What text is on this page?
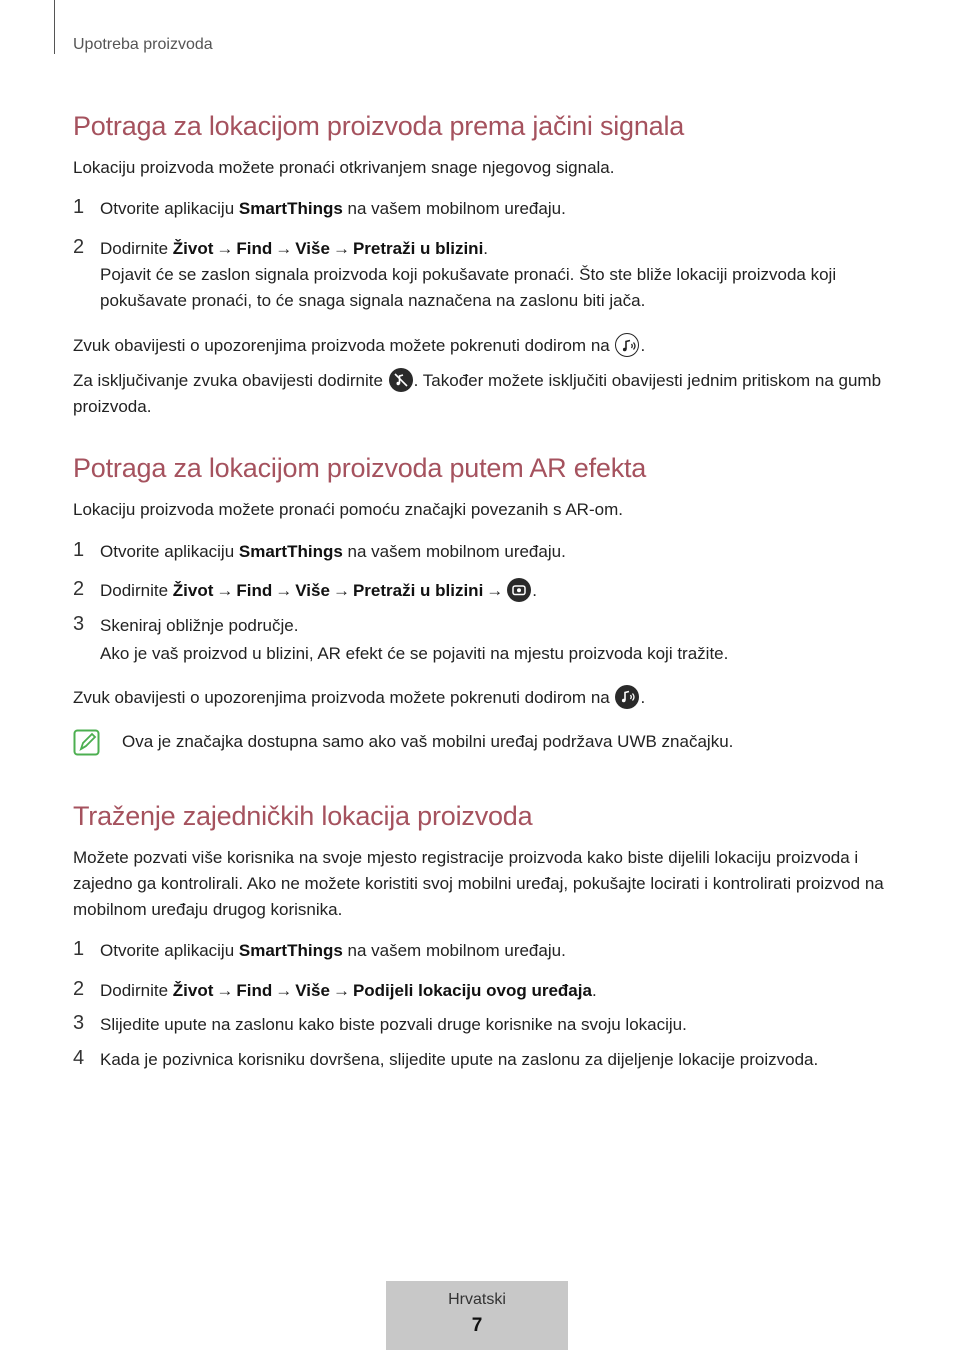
Upotreba proizvoda
Potraga za lokacijom proizvoda prema jačini signala
Lokaciju proizvoda možete pronaći otkrivanjem snage njegovog signala.
1 Otvorite aplikaciju SmartThings na vašem mobilnom uređaju.
2 Dodirnite Život → Find → Više → Pretraži u blizini.
Pojavit će se zaslon signala proizvoda koji pokušavate pronaći. Što ste bliže lokaciji proizvoda koji pokušavate pronaći, to će snaga signala naznačena na zaslonu biti jača.
Zvuk obavijesti o upozorenjima proizvoda možete pokrenuti dodirom na
.
Za isključivanje zvuka obavijesti dodirnite
. Također možete isključiti obavijesti jednim pritiskom na gumb proizvoda.
Potraga za lokacijom proizvoda putem AR efekta
Lokaciju proizvoda možete pronaći pomoću značajki povezanih s AR-om.
1 Otvorite aplikaciju SmartThings na vašem mobilnom uređaju.
2 Dodirnite Život → Find → Više → Pretraži u blizini → .
3 Skeniraj obližnje područje.
Ako je vaš proizvod u blizini, AR efekt će se pojaviti na mjestu proizvoda koji tražite.
Zvuk obavijesti o upozorenjima proizvoda možete pokrenuti dodirom na
.
Ova je značajka dostupna samo ako vaš mobilni uređaj podržava UWB značajku.
Traženje zajedničkih lokacija proizvoda
Možete pozvati više korisnika na svoje mjesto registracije proizvoda kako biste dijelili lokaciju proizvoda i zajedno ga kontrolirali. Ako ne možete koristiti svoj mobilni uređaj, pokušajte locirati i kontrolirati proizvod na mobilnom uređaju drugog korisnika.
1 Otvorite aplikaciju SmartThings na vašem mobilnom uređaju.
2 Dodirnite Život → Find → Više → Podijeli lokaciju ovog uređaja.
3 Slijedite upute na zaslonu kako biste pozvali druge korisnike na svoju lokaciju.
4 Kada je pozivnica korisniku dovršena, slijedite upute na zaslonu za dijeljenje lokacije proizvoda.
Hrvatski
7
